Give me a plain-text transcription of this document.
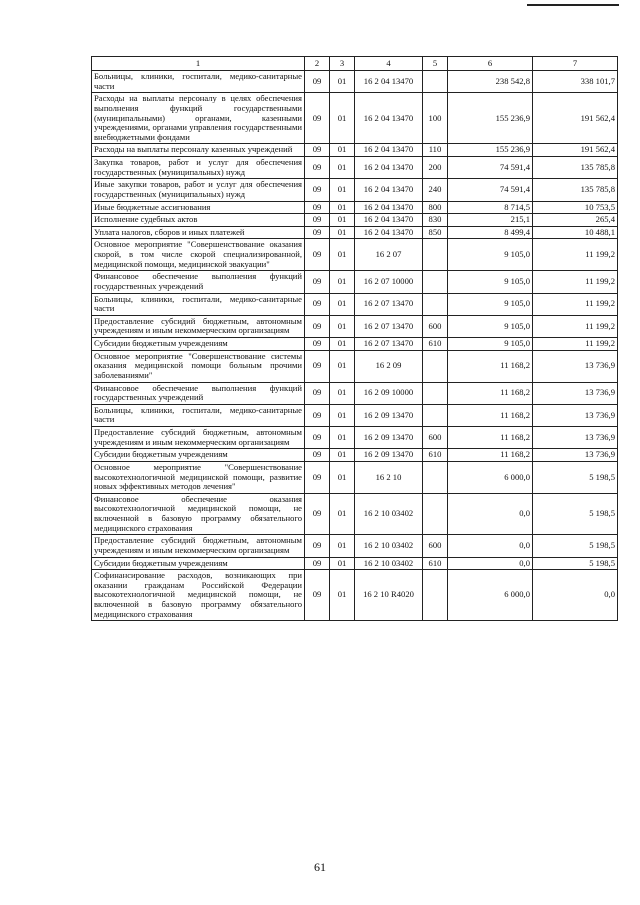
1	2	3	4	5	6	7
Больницы, клиники, госпитали, медико-санитарные части	09	01	16 2 04 13470		238 542,8	338 101,7
Расходы на выплаты персоналу в целях обеспечения выполнения функций государственными (муниципальными) органами, казенными учреждениями, органами управления государственными внебюджетными фондами	09	01	16 2 04 13470	100	155 236,9	191 562,4
Расходы на выплаты персоналу казенных учреждений	09	01	16 2 04 13470	110	155 236,9	191 562,4
Закупка товаров, работ и услуг для обеспечения государственных (муниципальных) нужд	09	01	16 2 04 13470	200	74 591,4	135 785,8
Иные закупки товаров, работ и услуг для обеспечения государственных (муниципальных) нужд	09	01	16 2 04 13470	240	74 591,4	135 785,8
Иные бюджетные ассигнования	09	01	16 2 04 13470	800	8 714,5	10 753,5
Исполнение судебных актов	09	01	16 2 04 13470	830	215,1	265,4
Уплата налогов, сборов и иных платежей	09	01	16 2 04 13470	850	8 499,4	10 488,1
Основное мероприятие "Совершенствование оказания скорой, в том числе скорой специализированной, медицинской помощи, медицинской эвакуации"	09	01	16 2 07		9 105,0	11 199,2
Финансовое обеспечение выполнения функций государственных учреждений	09	01	16 2 07 10000		9 105,0	11 199,2
Больницы, клиники, госпитали, медико-санитарные части	09	01	16 2 07 13470		9 105,0	11 199,2
Предоставление субсидий бюджетным, автономным учреждениям и иным некоммерческим организациям	09	01	16 2 07 13470	600	9 105,0	11 199,2
Субсидии бюджетным учреждениям	09	01	16 2 07 13470	610	9 105,0	11 199,2
Основное мероприятие "Совершенствование системы оказания медицинской помощи больным прочими заболеваниями"	09	01	16 2 09		11 168,2	13 736,9
Финансовое обеспечение выполнения функций государственных учреждений	09	01	16 2 09 10000		11 168,2	13 736,9
Больницы, клиники, госпитали, медико-санитарные части	09	01	16 2 09 13470		11 168,2	13 736,9
Предоставление субсидий бюджетным, автономным учреждениям и иным некоммерческим организациям	09	01	16 2 09 13470	600	11 168,2	13 736,9
Субсидии бюджетным учреждениям	09	01	16 2 09 13470	610	11 168,2	13 736,9
Основное мероприятие "Совершенствование высокотехнологичной медицинской помощи, развитие новых эффективных методов лечения"	09	01	16 2 10		6 000,0	5 198,5
Финансовое обеспечение оказания высокотехнологичной медицинской помощи, не включенной в базовую программу обязательного медицинского страхования	09	01	16 2 10 03402		0,0	5 198,5
Предоставление субсидий бюджетным, автономным учреждениям и иным некоммерческим организациям	09	01	16 2 10 03402	600	0,0	5 198,5
Субсидии бюджетным учреждениям	09	01	16 2 10 03402	610	0,0	5 198,5
Софинансирование расходов, возникающих при оказании гражданам Российской Федерации высокотехнологичной медицинской помощи, не включенной в базовую программу обязательного медицинского страхования	09	01	16 2 10 R4020		6 000,0	0,0
61
